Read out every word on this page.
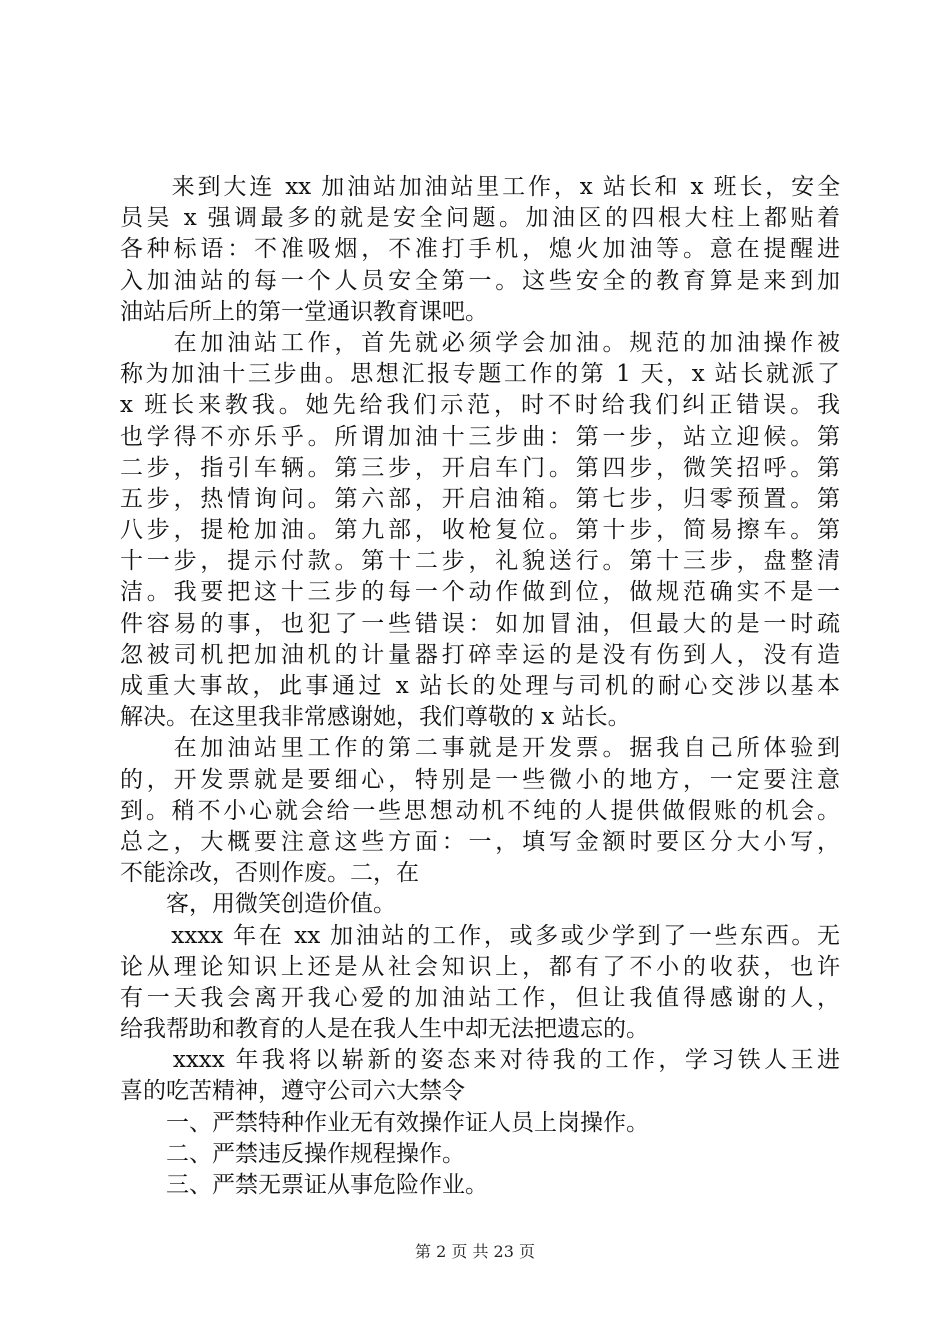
　　来到大连 xx 加油站加油站里工作，x 站长和 x 班长，安全
员吴 x 强调最多的就是安全问题。加油区的四根大柱上都贴着
各种标语：不准吸烟，不准打手机，熄火加油等。意在提醒进
入加油站的每一个人员安全第一。这些安全的教育算是来到加
油站后所上的第一堂通识教育课吧。
　　在加油站工作，首先就必须学会加油。规范的加油操作被
称为加油十三步曲。思想汇报专题工作的第 1 天，x 站长就派了
x 班长来教我。她先给我们示范，时不时给我们纠正错误。我
也学得不亦乐乎。所谓加油十三步曲：第一步，站立迎候。第
二步，指引车辆。第三步，开启车门。第四步，微笑招呼。第
五步，热情询问。第六部，开启油箱。第七步，归零预置。第
八步，提枪加油。第九部，收枪复位。第十步，简易擦车。第
十一步，提示付款。第十二步，礼貌送行。第十三步，盘整清
洁。我要把这十三步的每一个动作做到位，做规范确实不是一
件容易的事，也犯了一些错误：如加冒油，但最大的是一时疏
忽被司机把加油机的计量器打碎幸运的是没有伤到人，没有造
成重大事故，此事通过 x 站长的处理与司机的耐心交涉以基本
解决。在这里我非常感谢她，我们尊敬的 x 站长。
　　在加油站里工作的第二事就是开发票。据我自己所体验到
的，开发票就是要细心，特别是一些微小的地方，一定要注意
到。稍不小心就会给一些思想动机不纯的人提供做假账的机会。
总之，大概要注意这些方面：一，填写金额时要区分大小写，
不能涂改，否则作废。二，在
　　客，用微笑创造价值。
　　xxxx 年在 xx 加油站的工作，或多或少学到了一些东西。无
论从理论知识上还是从社会知识上，都有了不小的收获，也许
有一天我会离开我心爱的加油站工作，但让我值得感谢的人，
给我帮助和教育的人是在我人生中却无法把遗忘的。
　　xxxx 年我将以崭新的姿态来对待我的工作，学习铁人王进
喜的吃苦精神，遵守公司六大禁令
　　一、严禁特种作业无有效操作证人员上岗操作。
　　二、严禁违反操作规程操作。
　　三、严禁无票证从事危险作业。
第 2 页 共 23 页
